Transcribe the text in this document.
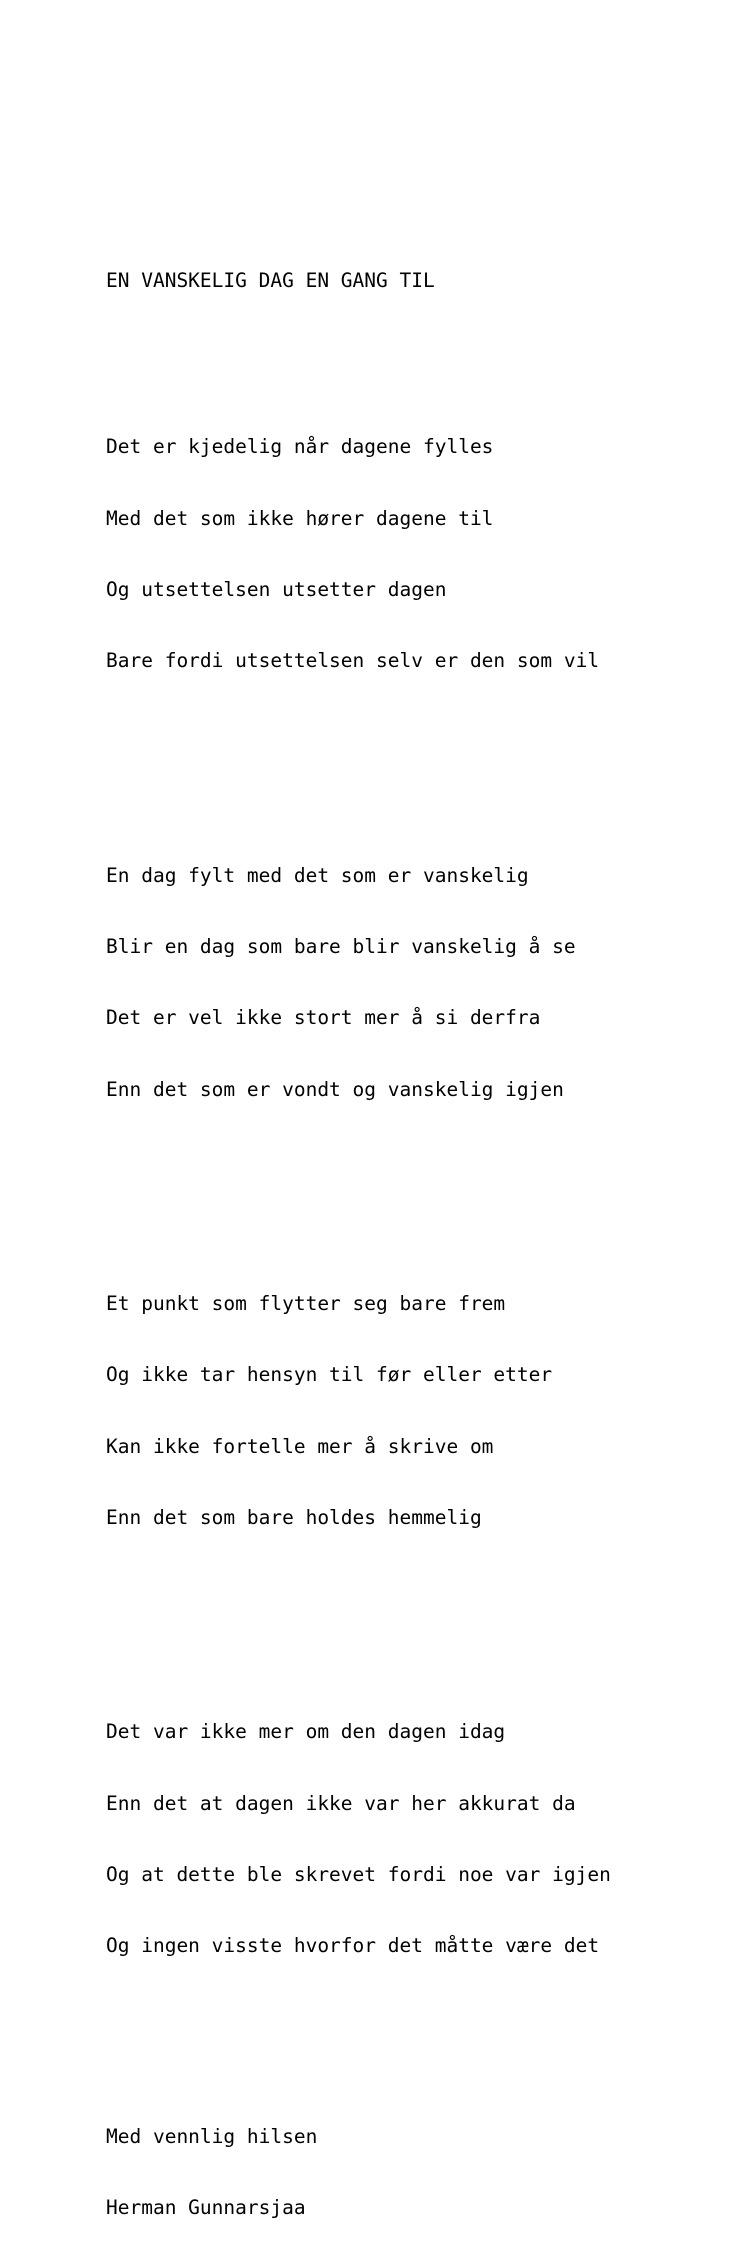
EN VANSKELIG DAG EN GANG TIL

Det er kjedelig når dagene fylles

Med det som ikke hører dagene til

Og utsettelsen utsetter dagen

Bare fordi utsettelsen selv er den som vil

En dag fylt med det som er vanskelig

Blir en dag som bare blir vanskelig å se

Det er vel ikke stort mer å si derfra

Enn det som er vondt og vanskelig igjen

Et punkt som flytter seg bare frem

Og ikke tar hensyn til før eller etter

Kan ikke fortelle mer å skrive om

Enn det som bare holdes hemmelig

Det var ikke mer om den dagen idag

Enn det at dagen ikke var her akkurat da

Og at dette ble skrevet fordi noe var igjen

Og ingen visste hvorfor det måtte være det

Med vennlig hilsen

Herman Gunnarsjaa
